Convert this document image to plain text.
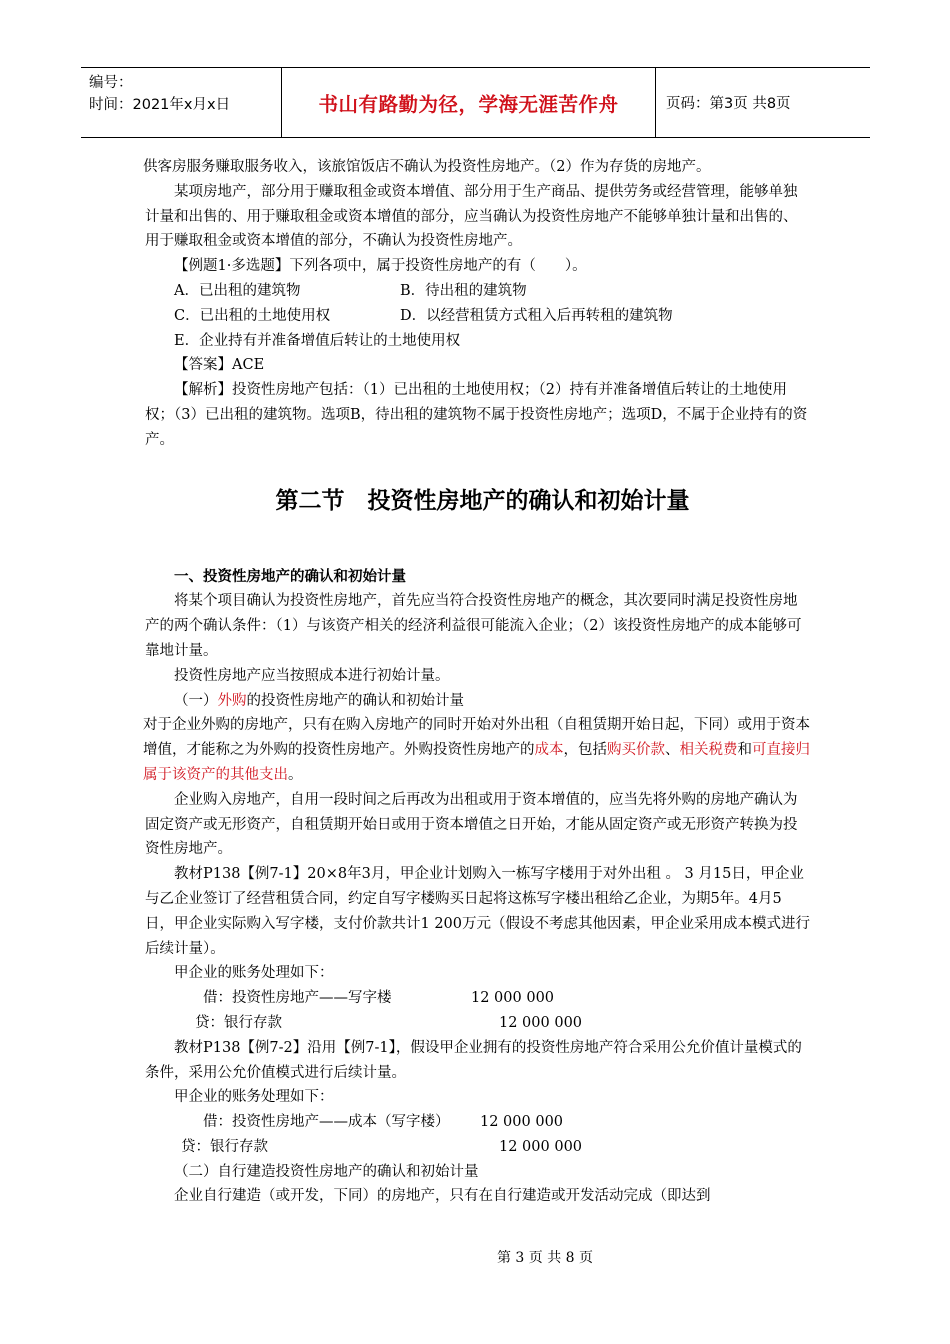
编号：
时间：2021年x月x日	书山有路勤为径，学海无涯苦作舟	页码：第3页 共8页

供客房服务赚取服务收入，该旅馆饭店不确认为投资性房地产。（2）作为存货的房地产。

某项房地产，部分用于赚取租金或资本增值、部分用于生产商品、提供劳务或经营管理，能够单独计量和出售的、用于赚取租金或资本增值的部分，应当确认为投资性房地产不能够单独计量和出售的、用于赚取租金或资本增值的部分，不确认为投资性房地产。

【例题1·多选题】下列各项中，属于投资性房地产的有（　　）。

A．已出租的建筑物	B．待出租的建筑物

C．已出租的土地使用权	D．以经营租赁方式租入后再转租的建筑物

E．企业持有并准备增值后转让的土地使用权

【答案】ACE

【解析】投资性房地产包括：（1）已出租的土地使用权；（2）持有并准备增值后转让的土地使用权；（3）已出租的建筑物。选项B，待出租的建筑物不属于投资性房地产；选项D，不属于企业持有的资产。

第二节　投资性房地产的确认和初始计量

一、投资性房地产的确认和初始计量

将某个项目确认为投资性房地产，首先应当符合投资性房地产的概念，其次要同时满足投资性房地产的两个确认条件：（1）与该资产相关的经济利益很可能流入企业；（2）该投资性房地产的成本能够可靠地计量。

投资性房地产应当按照成本进行初始计量。

（一）外购的投资性房地产的确认和初始计量

对于企业外购的房地产，只有在购入房地产的同时开始对外出租（自租赁期开始日起，下同）或用于资本增值，才能称之为外购的投资性房地产。外购投资性房地产的成本，包括购买价款、相关税费和可直接归属于该资产的其他支出。

企业购入房地产，自用一段时间之后再改为出租或用于资本增值的，应当先将外购的房地产确认为固定资产或无形资产，自租赁期开始日或用于资本增值之日开始，才能从固定资产或无形资产转换为投资性房地产。

教材P138【例7-1】20×8年3月，甲企业计划购入一栋写字楼用于对外出租 。 3 月15日，甲企业与乙企业签订了经营租赁合同，约定自写字楼购买日起将这栋写字楼出租给乙企业，为期5年。4月5日，甲企业实际购入写字楼，支付价款共计1 200万元（假设不考虑其他因素，甲企业采用成本模式进行后续计量）。

甲企业的账务处理如下：

借：投资性房地产——写字楼	12 000 000

贷：银行存款	12 000 000

教材P138【例7-2】沿用【例7-1】，假设甲企业拥有的投资性房地产符合采用公允价值计量模式的条件，采用公允价值模式进行后续计量。

甲企业的账务处理如下：

借：投资性房地产——成本（写字楼） 12 000 000

贷：银行存款	12 000 000

（二）自行建造投资性房地产的确认和初始计量

企业自行建造（或开发，下同）的房地产，只有在自行建造或开发活动完成（即达到

第 3 页 共 8 页
